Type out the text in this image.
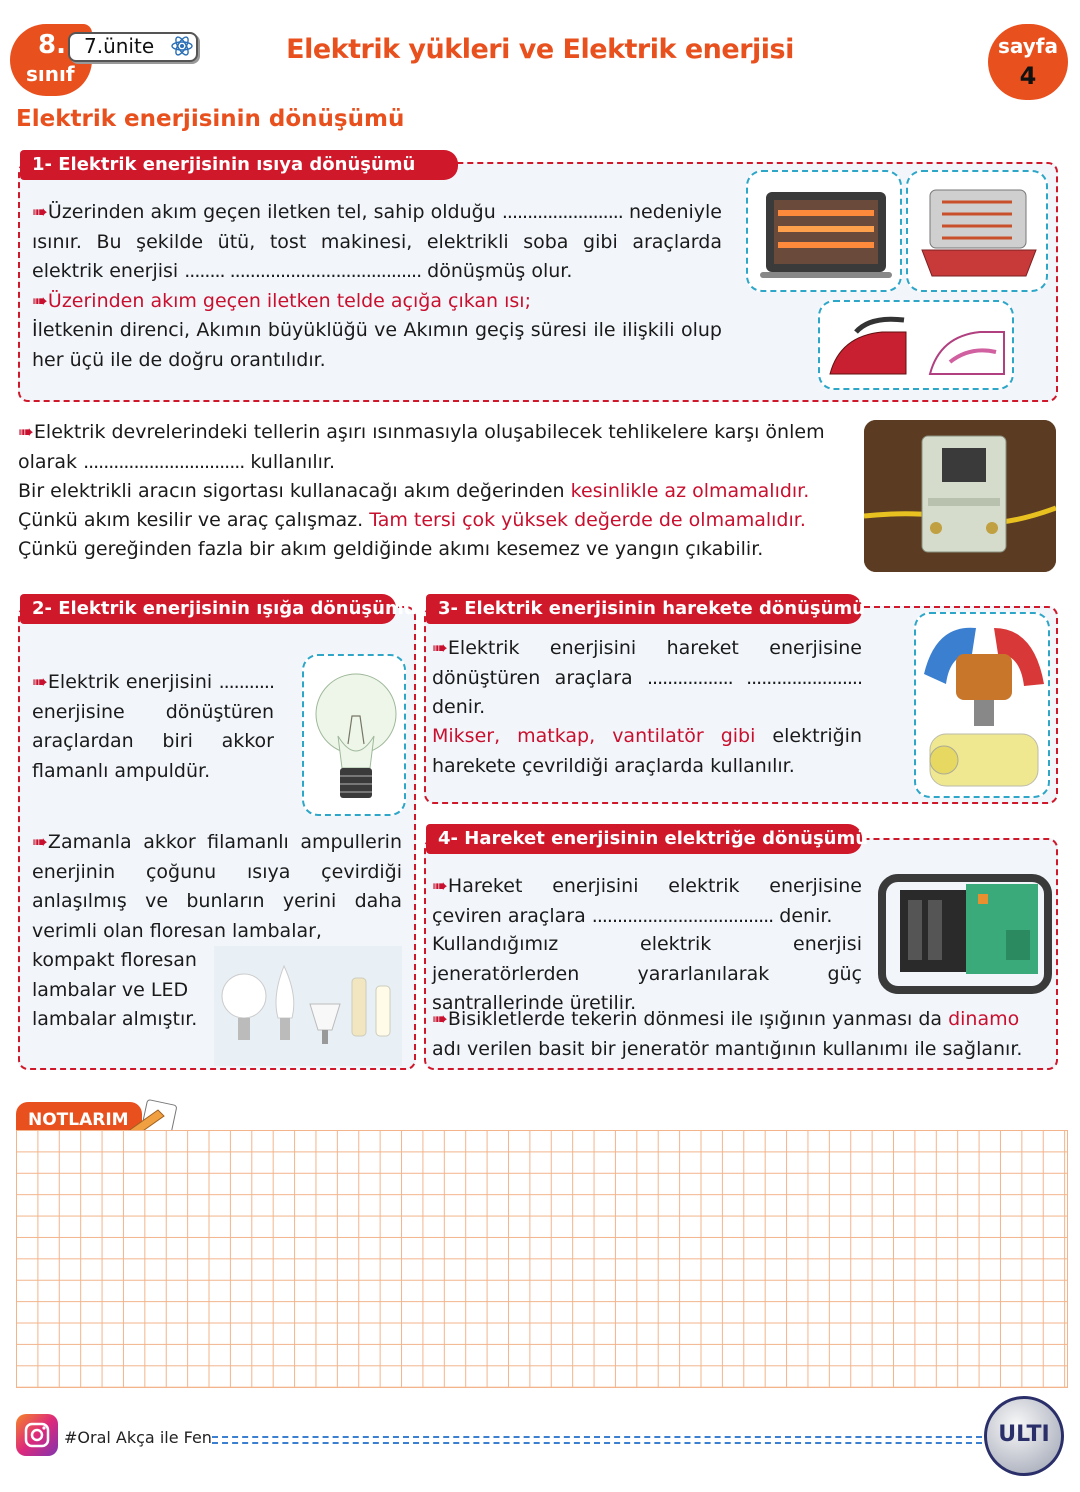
8.
sınıf
7.ünite	Elektrik yükleri ve Elektrik enerjisi	sayfa
4
Elektrik enerjisinin dönüşümü
1- Elektrik enerjisinin ısıya dönüşümü
➠Üzerinden akım geçen iletken tel, sahip olduğu ........................ nedeniyle ısınır. Bu şekilde ütü, tost makinesi, elektrikli soba gibi araçlarda elektrik enerjisi ........ ...................................... dönüşmüş olur.
➠Üzerinden akım geçen iletken telde açığa çıkan ısı;
İletkenin direnci, Akımın büyüklüğü ve Akımın geçiş süresi ile ilişkili olup her üçü ile de doğru orantılıdır.
➠Elektrik devrelerindeki tellerin aşırı ısınmasıyla oluşabilecek tehlikelere karşı önlem olarak ................................ kullanılır.
Bir elektrikli aracın sigortası kullanacağı akım değerinden kesinlikle az olmamalıdır.
Çünkü akım kesilir ve araç çalışmaz. Tam tersi çok yüksek değerde de olmamalıdır.
Çünkü gereğinden fazla bir akım geldiğinde akımı kesemez ve yangın çıkabilir.
2- Elektrik enerjisinin ışığa dönüşümü
➠Elektrik enerjisini ........... enerjisine dönüştüren araçlardan biri akkor flamanlı ampuldür.
➠Zamanla akkor filamanlı ampullerin enerjinin çoğunu ısıya çevirdiği anlaşılmış ve bunların yerini daha verimli olan floresan lambalar,
kompakt floresan lambalar ve LED lambalar almıştır.
3- Elektrik enerjisinin harekete dönüşümü
➠Elektrik enerjisini hareket enerjisine dönüştüren araçlara ................. ....................... denir.
Mikser, matkap, vantilatör gibi elektriğin harekete çevrildiği araçlarda kullanılır.
4- Hareket enerjisinin elektriğe dönüşümü
➠Hareket enerjisini elektrik enerjisine çeviren araçlara .................................... denir.
Kullandığımız elektrik enerjisi jeneratörlerden yararlanılarak güç santrallerinde üretilir.
➠Bisikletlerde tekerin dönmesi ile ışığının yanması da dinamo adı verilen basit bir jeneratör mantığının kullanımı ile sağlanır.
NOTLARIM
#Oral Akça ile Fen	ULTI
